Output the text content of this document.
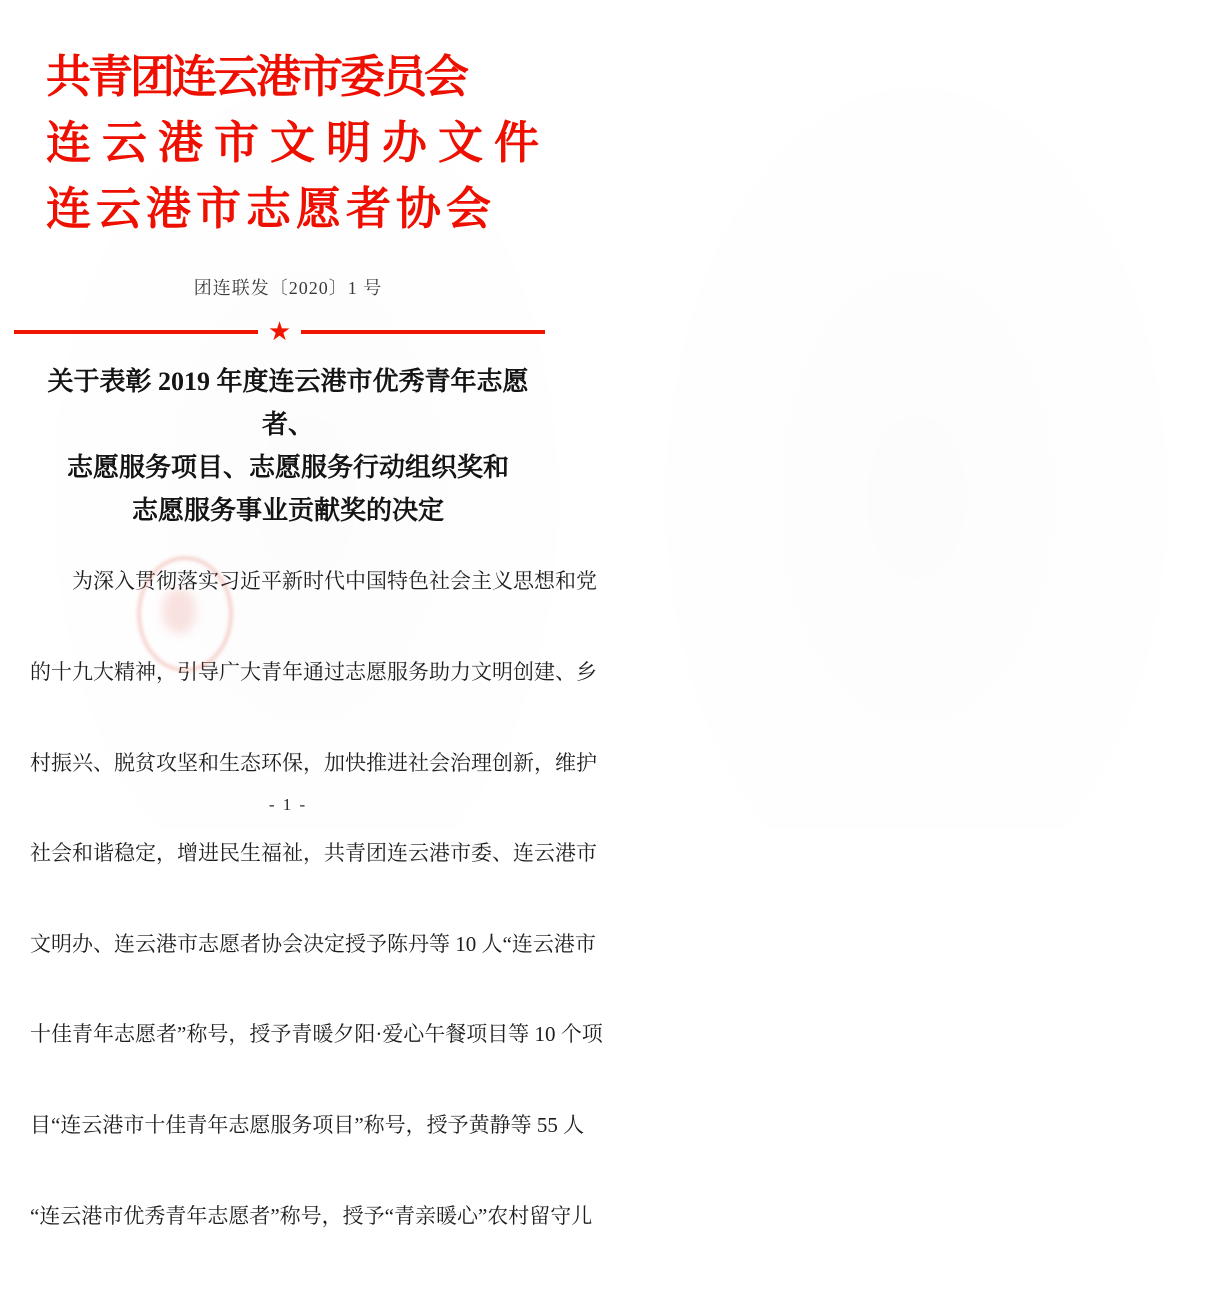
共青团连云港市委员会
连云港市文明办文件
连云港市志愿者协会
团连联发〔2020〕1 号
★
关于表彰 2019 年度连云港市优秀青年志愿者、
志愿服务项目、志愿服务行动组织奖和
志愿服务事业贡献奖的决定

　　为深入贯彻落实习近平新时代中国特色社会主义思想和党

的十九大精神，引导广大青年通过志愿服务助力文明创建、乡

村振兴、脱贫攻坚和生态环保，加快推进社会治理创新，维护

社会和谐稳定，增进民生福祉，共青团连云港市委、连云港市

文明办、连云港市志愿者协会决定授予陈丹等 10 人“连云港市

十佳青年志愿者”称号，授予青暖夕阳·爱心午餐项目等 10 个项

目“连云港市十佳青年志愿服务项目”称号，授予黄静等 55 人

“连云港市优秀青年志愿者”称号，授予“青亲暖心”农村留守儿

- 1 -
